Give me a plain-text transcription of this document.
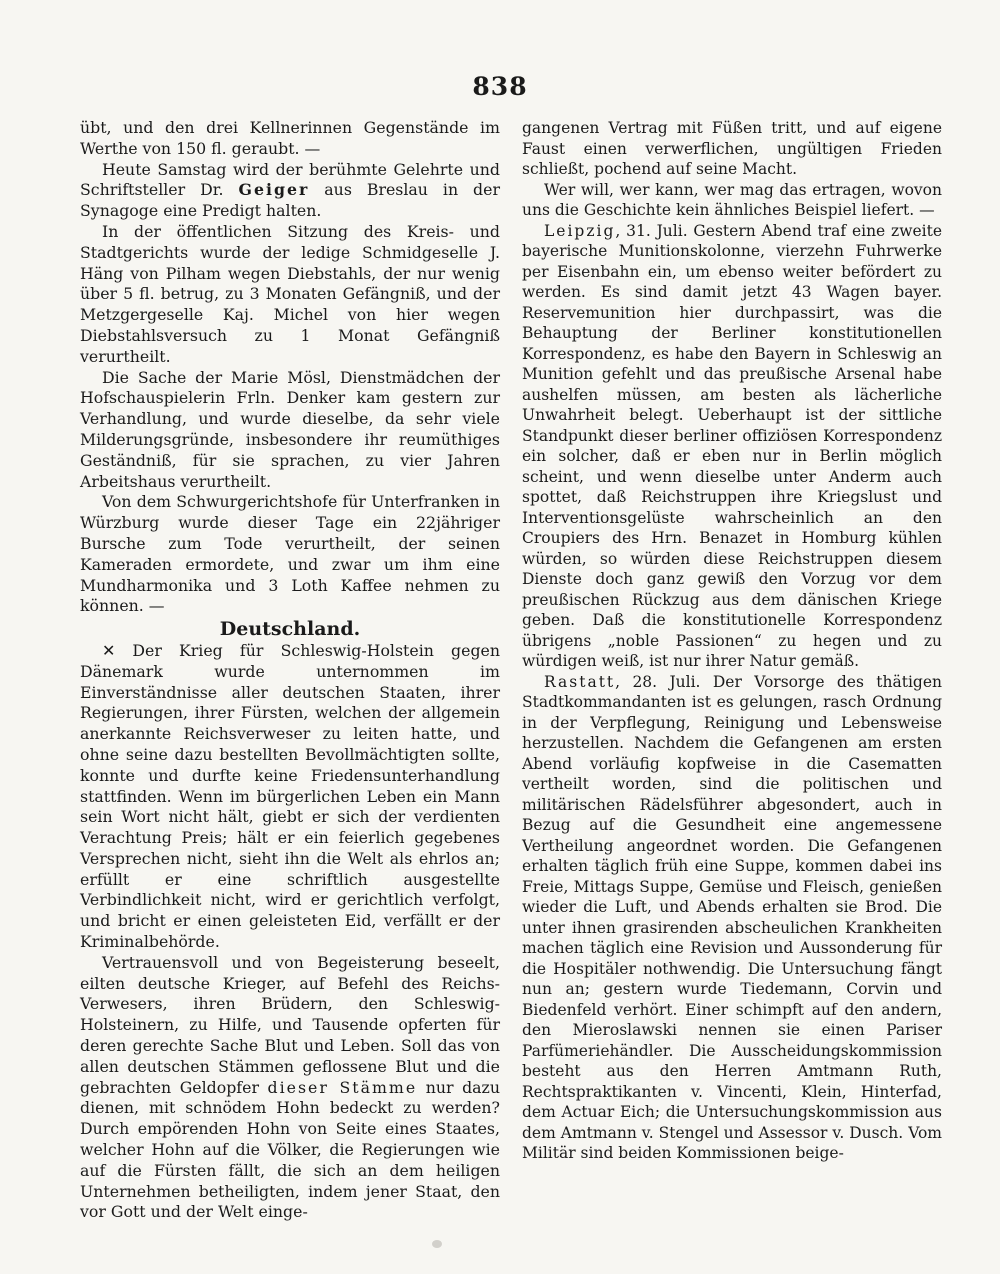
838

übt, und den drei Kellnerinnen Gegenstände im Werthe von 150 fl. geraubt. —

Heute Samstag wird der berühmte Gelehrte und Schriftsteller Dr. Geiger aus Breslau in der Synagoge eine Predigt halten.

In der öffentlichen Sitzung des Kreis- und Stadtgerichts wurde der ledige Schmidgeselle J. Häng von Pilham wegen Diebstahls, der nur wenig über 5 fl. betrug, zu 3 Monaten Gefängniß, und der Metzgergeselle Kaj. Michel von hier wegen Diebstahlsversuch zu 1 Monat Gefängniß verurtheilt.

Die Sache der Marie Mösl, Dienstmädchen der Hofschauspielerin Frln. Denker kam gestern zur Verhandlung, und wurde dieselbe, da sehr viele Milderungsgründe, insbesondere ihr reumüthiges Geständniß, für sie sprachen, zu vier Jahren Arbeitshaus verurtheilt.

Von dem Schwurgerichtshofe für Unterfranken in Würzburg wurde dieser Tage ein 22jähriger Bursche zum Tode verurtheilt, der seinen Kameraden ermordete, und zwar um ihm eine Mundharmonika und 3 Loth Kaffee nehmen zu können. —

Deutschland.

✕ Der Krieg für Schleswig-Holstein gegen Dänemark wurde unternommen im Einverständnisse aller deutschen Staaten, ihrer Regierungen, ihrer Fürsten, welchen der allgemein anerkannte Reichsverweser zu leiten hatte, und ohne seine dazu bestellten Bevollmächtigten sollte, konnte und durfte keine Friedensunterhandlung stattfinden. Wenn im bürgerlichen Leben ein Mann sein Wort nicht hält, giebt er sich der verdienten Verachtung Preis; hält er ein feierlich gegebenes Versprechen nicht, sieht ihn die Welt als ehrlos an; erfüllt er eine schriftlich ausgestellte Verbindlichkeit nicht, wird er gerichtlich verfolgt, und bricht er einen geleisteten Eid, verfällt er der Kriminalbehörde.

Vertrauensvoll und von Begeisterung beseelt, eilten deutsche Krieger, auf Befehl des Reichs-Verwesers, ihren Brüdern, den Schleswig-Holsteinern, zu Hilfe, und Tausende opferten für deren gerechte Sache Blut und Leben. Soll das von allen deutschen Stämmen geflossene Blut und die gebrachten Geldopfer dieser Stämme nur dazu dienen, mit schnödem Hohn bedeckt zu werden? Durch empörenden Hohn von Seite eines Staates, welcher Hohn auf die Völker, die Regierungen wie auf die Fürsten fällt, die sich an dem heiligen Unternehmen betheiligten, indem jener Staat, den vor Gott und der Welt einge-

gangenen Vertrag mit Füßen tritt, und auf eigene Faust einen verwerflichen, ungültigen Frieden schließt, pochend auf seine Macht.

Wer will, wer kann, wer mag das ertragen, wovon uns die Geschichte kein ähnliches Beispiel liefert. —

Leipzig, 31. Juli. Gestern Abend traf eine zweite bayerische Munitionskolonne, vierzehn Fuhrwerke per Eisenbahn ein, um ebenso weiter befördert zu werden. Es sind damit jetzt 43 Wagen bayer. Reservemunition hier durchpassirt, was die Behauptung der Berliner konstitutionellen Korrespondenz, es habe den Bayern in Schleswig an Munition gefehlt und das preußische Arsenal habe aushelfen müssen, am besten als lächerliche Unwahrheit belegt. Ueberhaupt ist der sittliche Standpunkt dieser berliner offiziösen Korrespondenz ein solcher, daß er eben nur in Berlin möglich scheint, und wenn dieselbe unter Anderm auch spottet, daß Reichstruppen ihre Kriegslust und Interventionsgelüste wahrscheinlich an den Croupiers des Hrn. Benazet in Homburg kühlen würden, so würden diese Reichstruppen diesem Dienste doch ganz gewiß den Vorzug vor dem preußischen Rückzug aus dem dänischen Kriege geben. Daß die konstitutionelle Korrespondenz übrigens „noble Passionen“ zu hegen und zu würdigen weiß, ist nur ihrer Natur gemäß.

Rastatt, 28. Juli. Der Vorsorge des thätigen Stadtkommandanten ist es gelungen, rasch Ordnung in der Verpflegung, Reinigung und Lebensweise herzustellen. Nachdem die Gefangenen am ersten Abend vorläufig kopfweise in die Casematten vertheilt worden, sind die politischen und militärischen Rädelsführer abgesondert, auch in Bezug auf die Gesundheit eine angemessene Vertheilung angeordnet worden. Die Gefangenen erhalten täglich früh eine Suppe, kommen dabei ins Freie, Mittags Suppe, Gemüse und Fleisch, genießen wieder die Luft, und Abends erhalten sie Brod. Die unter ihnen grasirenden abscheulichen Krankheiten machen täglich eine Revision und Aussonderung für die Hospitäler nothwendig. Die Untersuchung fängt nun an; gestern wurde Tiedemann, Corvin und Biedenfeld verhört. Einer schimpft auf den andern, den Mieroslawski nennen sie einen Pariser Parfümeriehändler. Die Ausscheidungskommission besteht aus den Herren Amtmann Ruth, Rechtspraktikanten v. Vincenti, Klein, Hinterfad, dem Actuar Eich; die Untersuchungskommission aus dem Amtmann v. Stengel und Assessor v. Dusch. Vom Militär sind beiden Kommissionen beige-
